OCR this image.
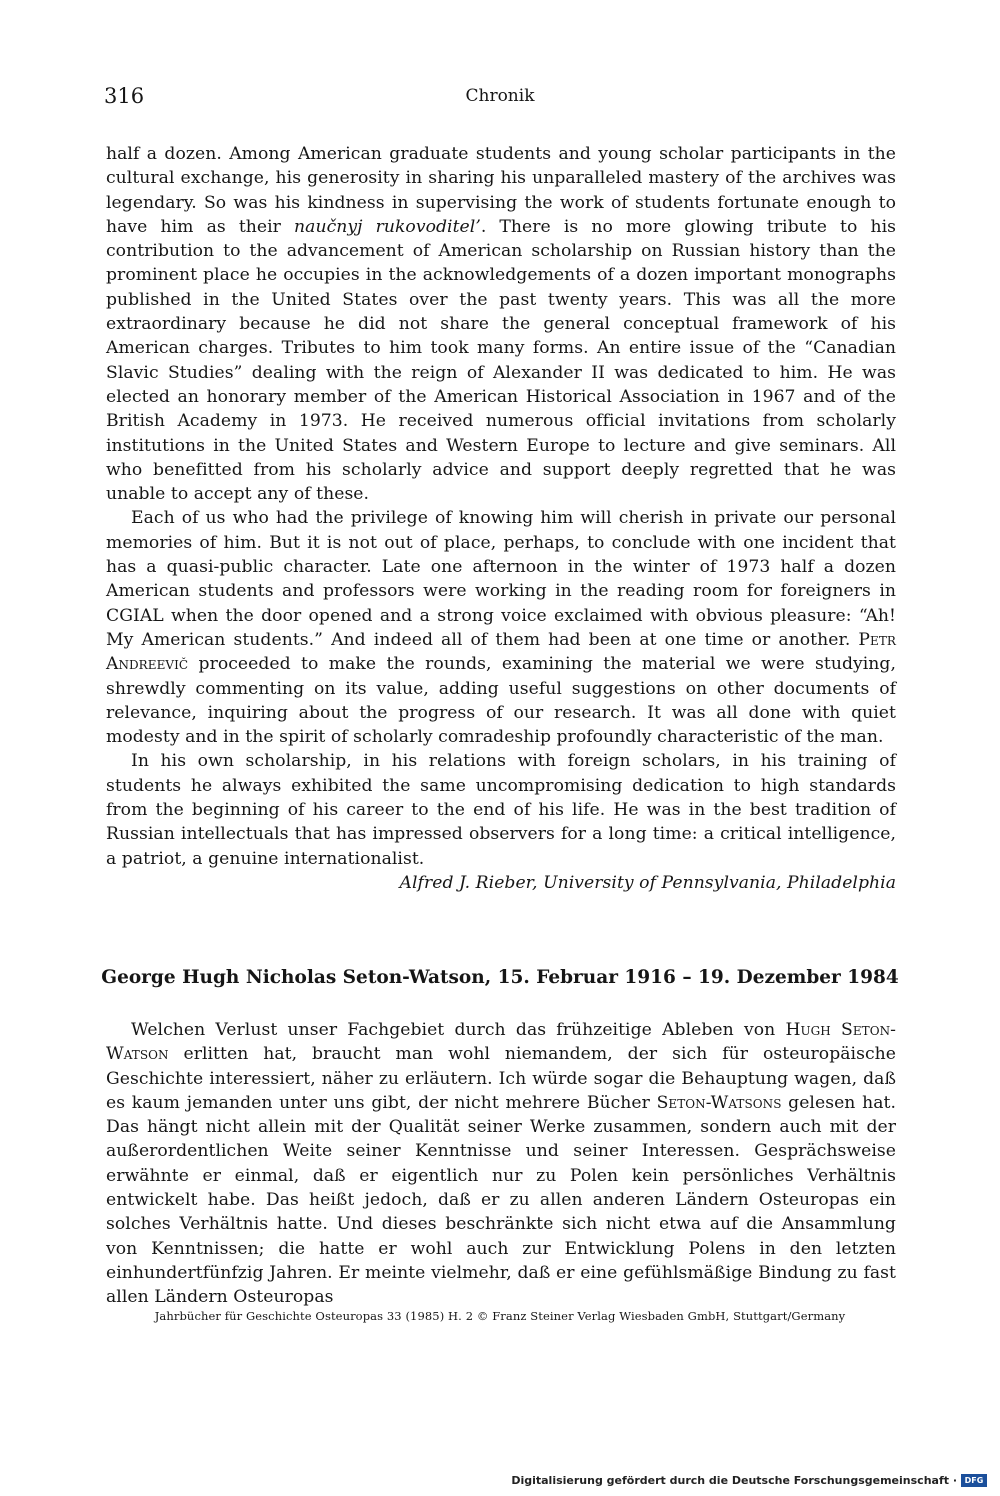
316	Chronik

half a dozen. Among American graduate students and young scholar participants in the cultural exchange, his generosity in sharing his unparalleled mastery of the archives was legendary. So was his kindness in supervising the work of students fortunate enough to have him as their naučnyj rukovoditel’. There is no more glowing tribute to his contribution to the advancement of American scholarship on Russian history than the prominent place he occupies in the acknowledgements of a dozen important monographs published in the United States over the past twenty years. This was all the more extraordinary because he did not share the general conceptual framework of his American charges. Tributes to him took many forms. An entire issue of the “Canadian Slavic Studies” dealing with the reign of Alexander II was dedicated to him. He was elected an honorary member of the American Historical Association in 1967 and of the British Academy in 1973. He received numerous official invitations from scholarly institutions in the United States and Western Europe to lecture and give seminars. All who benefitted from his scholarly advice and support deeply regretted that he was unable to accept any of these.

Each of us who had the privilege of knowing him will cherish in private our personal memories of him. But it is not out of place, perhaps, to conclude with one incident that has a quasi-public character. Late one afternoon in the winter of 1973 half a dozen American students and professors were working in the reading room for foreigners in CGIAL when the door opened and a strong voice exclaimed with obvious pleasure: “Ah! My American students.” And indeed all of them had been at one time or another. Petr Andreevič proceeded to make the rounds, examining the material we were studying, shrewdly commenting on its value, adding useful suggestions on other documents of relevance, inquiring about the progress of our research. It was all done with quiet modesty and in the spirit of scholarly comradeship profoundly characteristic of the man.

In his own scholarship, in his relations with foreign scholars, in his training of students he always exhibited the same uncompromising dedication to high standards from the beginning of his career to the end of his life. He was in the best tradition of Russian intellectuals that has impressed observers for a long time: a critical intelligence, a patriot, a genuine internationalist.

Alfred J. Rieber, University of Pennsylvania, Philadelphia

George Hugh Nicholas Seton-Watson, 15. Februar 1916 – 19. Dezember 1984

Welchen Verlust unser Fachgebiet durch das frühzeitige Ableben von Hugh Seton-Watson erlitten hat, braucht man wohl niemandem, der sich für osteuropäische Geschichte interessiert, näher zu erläutern. Ich würde sogar die Behauptung wagen, daß es kaum jemanden unter uns gibt, der nicht mehrere Bücher Seton-Watsons gelesen hat. Das hängt nicht allein mit der Qualität seiner Werke zusammen, sondern auch mit der außerordentlichen Weite seiner Kenntnisse und seiner Interessen. Gesprächsweise erwähnte er einmal, daß er eigentlich nur zu Polen kein persönliches Verhältnis entwickelt habe. Das heißt jedoch, daß er zu allen anderen Ländern Osteuropas ein solches Verhältnis hatte. Und dieses beschränkte sich nicht etwa auf die Ansammlung von Kenntnissen; die hatte er wohl auch zur Entwicklung Polens in den letzten einhundertfünfzig Jahren. Er meinte vielmehr, daß er eine gefühlsmäßige Bindung zu fast allen Ländern Osteuropas

Jahrbücher für Geschichte Osteuropas 33 (1985) H. 2 © Franz Steiner Verlag Wiesbaden GmbH, Stuttgart/Germany
Digitalisierung gefördert durch die Deutsche Forschungsgemeinschaft · DFG
